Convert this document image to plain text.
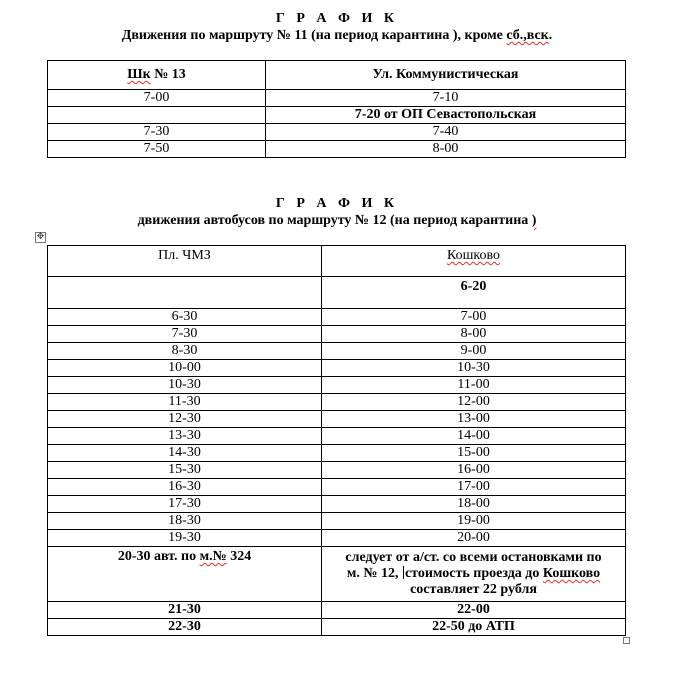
Г Р А Ф И К
Движения по маршруту № 11 (на период карантина ), кроме сб.,вск.
Шк № 13	Ул. Коммунистическая
7-00	7-10
	7-20 от ОП Севастопольская
7-30	7-40
7-50	8-00
Г Р А Ф И К
движения автобусов по маршруту № 12 (на период карантина )
✥
Пл. ЧМЗ	Кошково
	6-20
6-30	7-00
7-30	8-00
8-30	9-00
10-00	10-30
10-30	11-00
11-30	12-00
12-30	13-00
13-30	14-00
14-30	15-00
15-30	16-00
16-30	17-00
17-30	18-00
18-30	19-00
19-30	20-00
20-30 авт. по м.№ 324	следует от а/ст. со всеми остановками по
м. № 12, стоимость проезда до Кошково
составляет 22 рубля

21-30	22-00
22-30	22-50 до АТП
